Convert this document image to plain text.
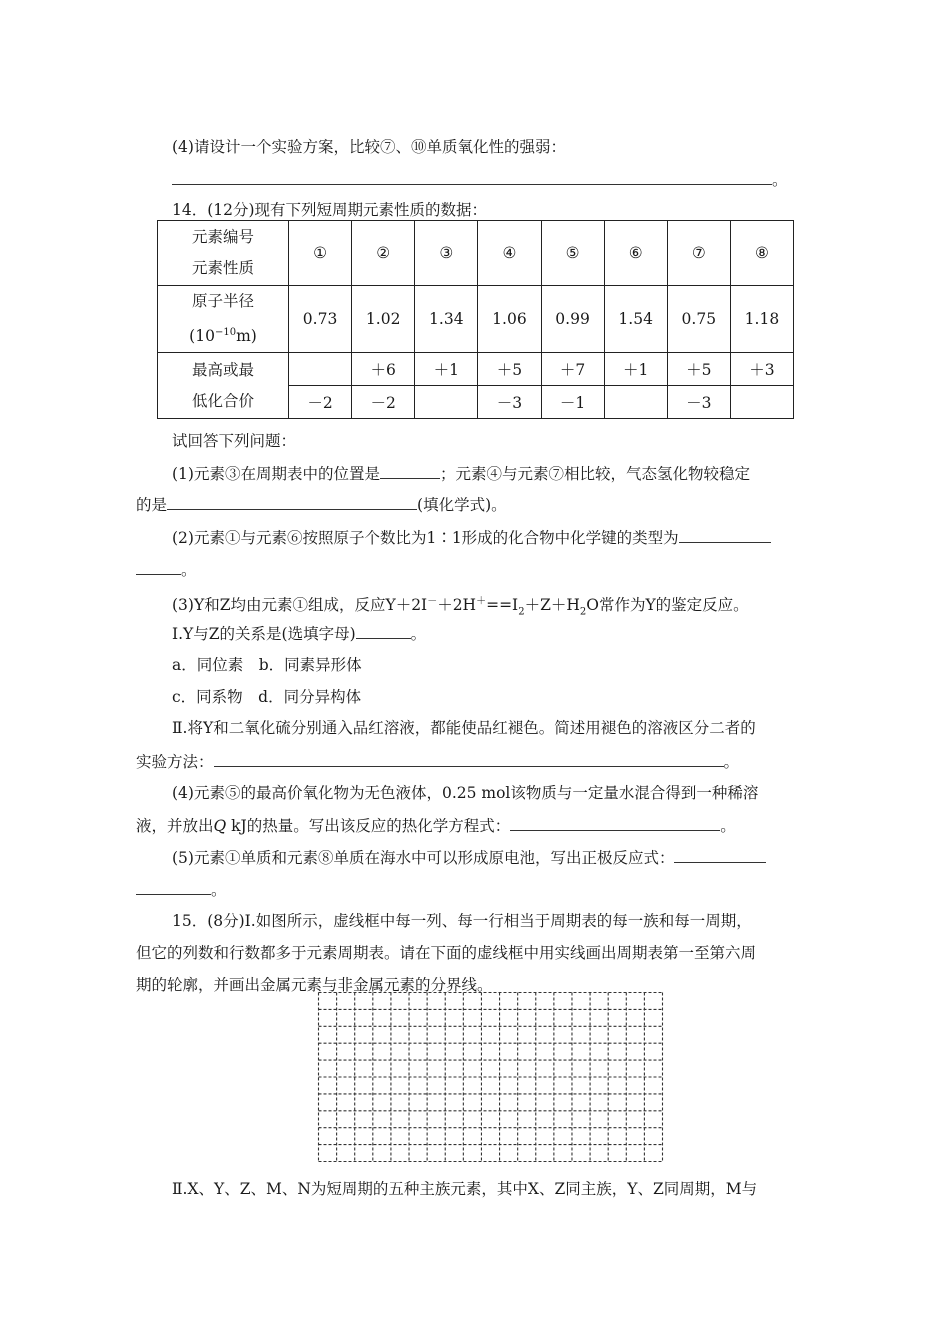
(4)请设计一个实验方案，比较⑦、⑩单质氧化性的强弱：
。
14．(12分)现有下列短周期元素性质的数据：
元素编号
元素性质	①	②	③	④	⑤	⑥	⑦	⑧

原子半径
$(10^{-10}m)$	0.73	1.02	1.34	1.06	0.99	1.54	0.75	1.18

最高或最
低化合价		＋6	＋1	＋5	＋7	＋1	＋5	＋3
	－2	－2		－3	－1		－3	
试回答下列问题：
(1)元素③在周期表中的位置是	；元素④与元素⑦相比较，气态氢化物较稳定
的是	(填化学式)。
(2)元素①与元素⑥按照原子个数比为1∶1形成的化合物中化学键的类型为
。
(3)Y和Z均由元素①组成，反应$Y+2I^-+2H^+==I_2+Z+H_2O$常作为Y的鉴定反应。
Ⅰ.Y与Z的关系是(选填字母)	。
a．同位素　b．同素异形体
c．同系物　d．同分异构体
Ⅱ.将Y和二氧化硫分别通入品红溶液，都能使品红褪色。简述用褪色的溶液区分二者的
实验方法：	。
(4)元素⑤的最高价氧化物为无色液体，0.25 mol该物质与一定量水混合得到一种稀溶
液，并放出Q kJ的热量。写出该反应的热化学方程式：	。
(5)元素①单质和元素⑧单质在海水中可以形成原电池，写出正极反应式：
。
15．(8分)Ⅰ.如图所示，虚线框中每一列、每一行相当于周期表的每一族和每一周期，
但它的列数和行数都多于元素周期表。请在下面的虚线框中用实线画出周期表第一至第六周
期的轮廓，并画出金属元素与非金属元素的分界线。
Ⅱ.X、Y、Z、M、N为短周期的五种主族元素，其中X、Z同主族，Y、Z同周期，M与
